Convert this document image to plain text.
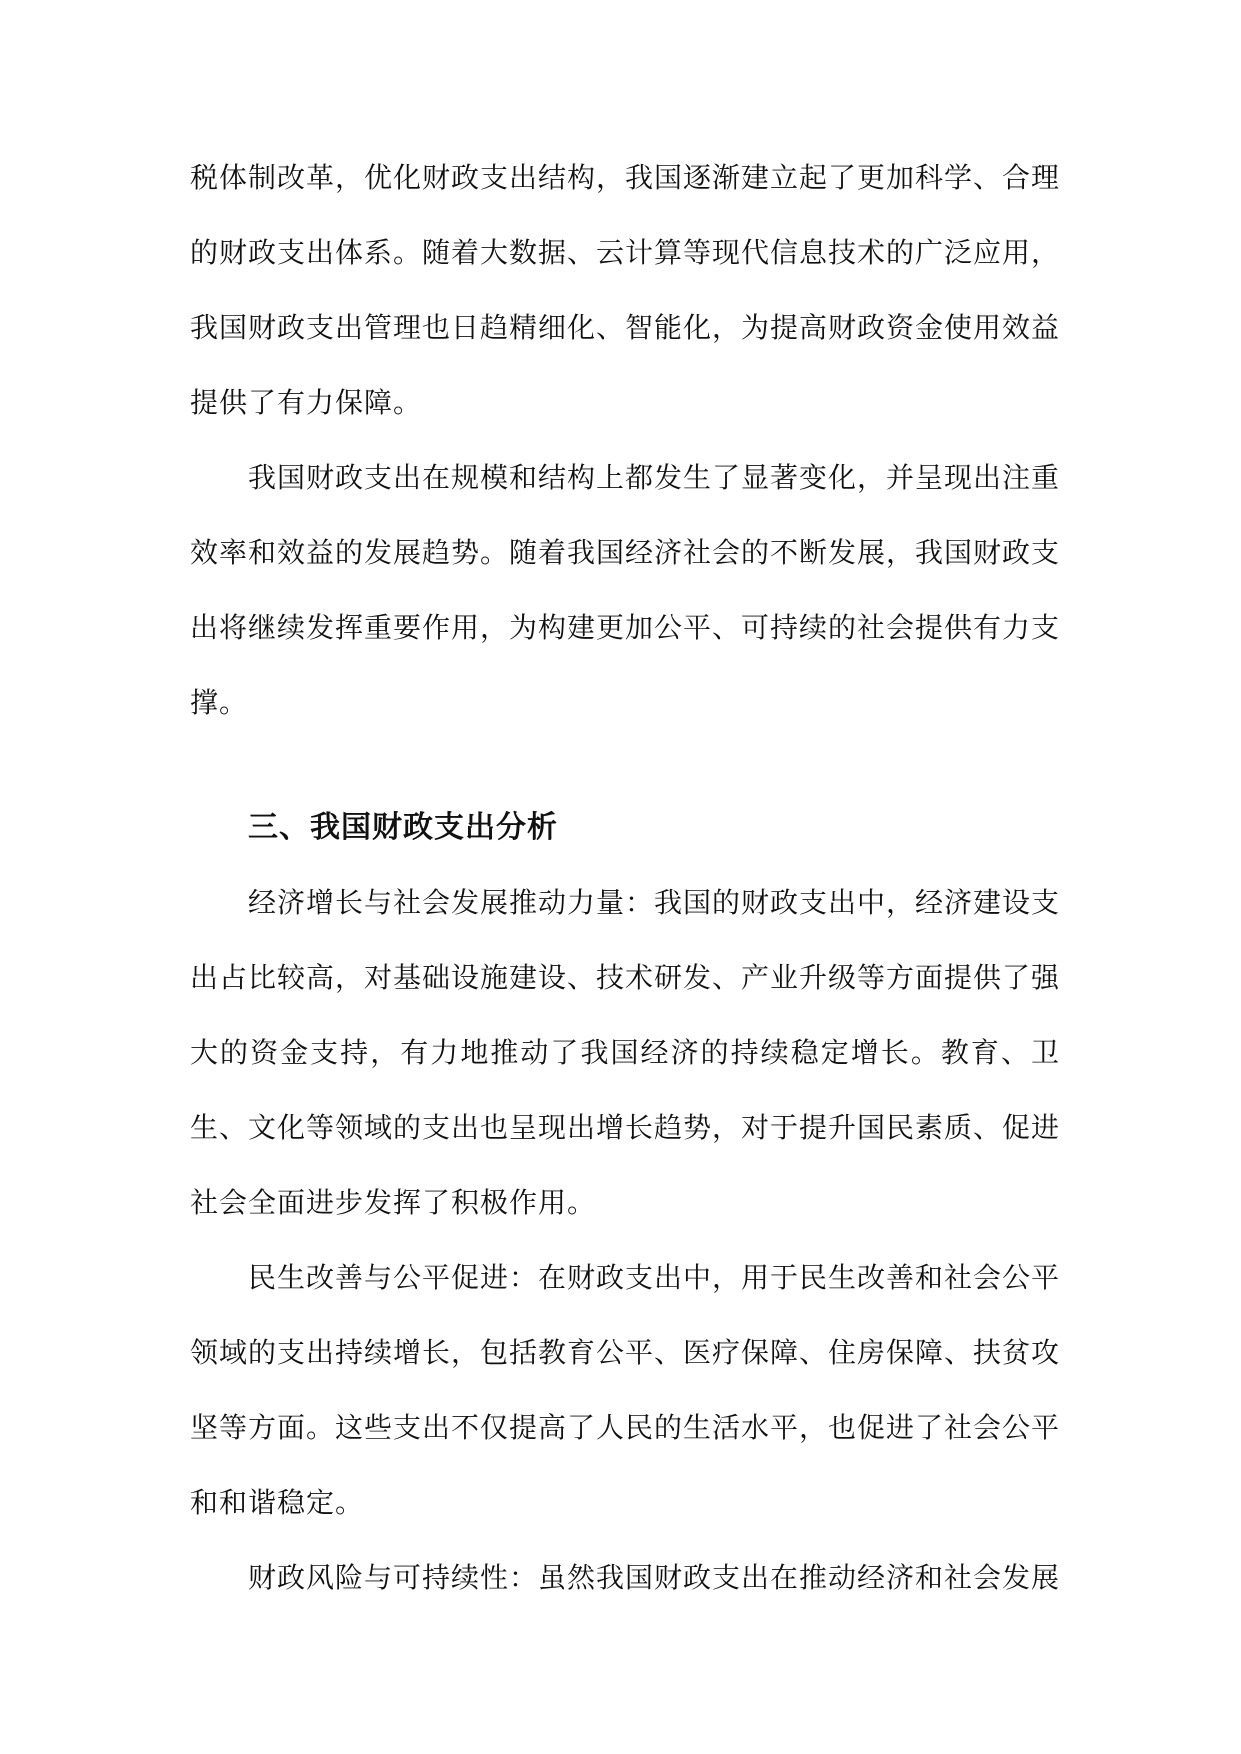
税体制改革，优化财政支出结构，我国逐渐建立起了更加科学、合理的财政支出体系。随着大数据、云计算等现代信息技术的广泛应用，我国财政支出管理也日趋精细化、智能化，为提高财政资金使用效益提供了有力保障。

我国财政支出在规模和结构上都发生了显著变化，并呈现出注重效率和效益的发展趋势。随着我国经济社会的不断发展，我国财政支出将继续发挥重要作用，为构建更加公平、可持续的社会提供有力支撑。

三、我国财政支出分析

经济增长与社会发展推动力量：我国的财政支出中，经济建设支出占比较高，对基础设施建设、技术研发、产业升级等方面提供了强大的资金支持，有力地推动了我国经济的持续稳定增长。教育、卫生、文化等领域的支出也呈现出增长趋势，对于提升国民素质、促进社会全面进步发挥了积极作用。

民生改善与公平促进：在财政支出中，用于民生改善和社会公平领域的支出持续增长，包括教育公平、医疗保障、住房保障、扶贫攻坚等方面。这些支出不仅提高了人民的生活水平，也促进了社会公平和和谐稳定。

财政风险与可持续性：虽然我国财政支出在推动经济和社会发展
